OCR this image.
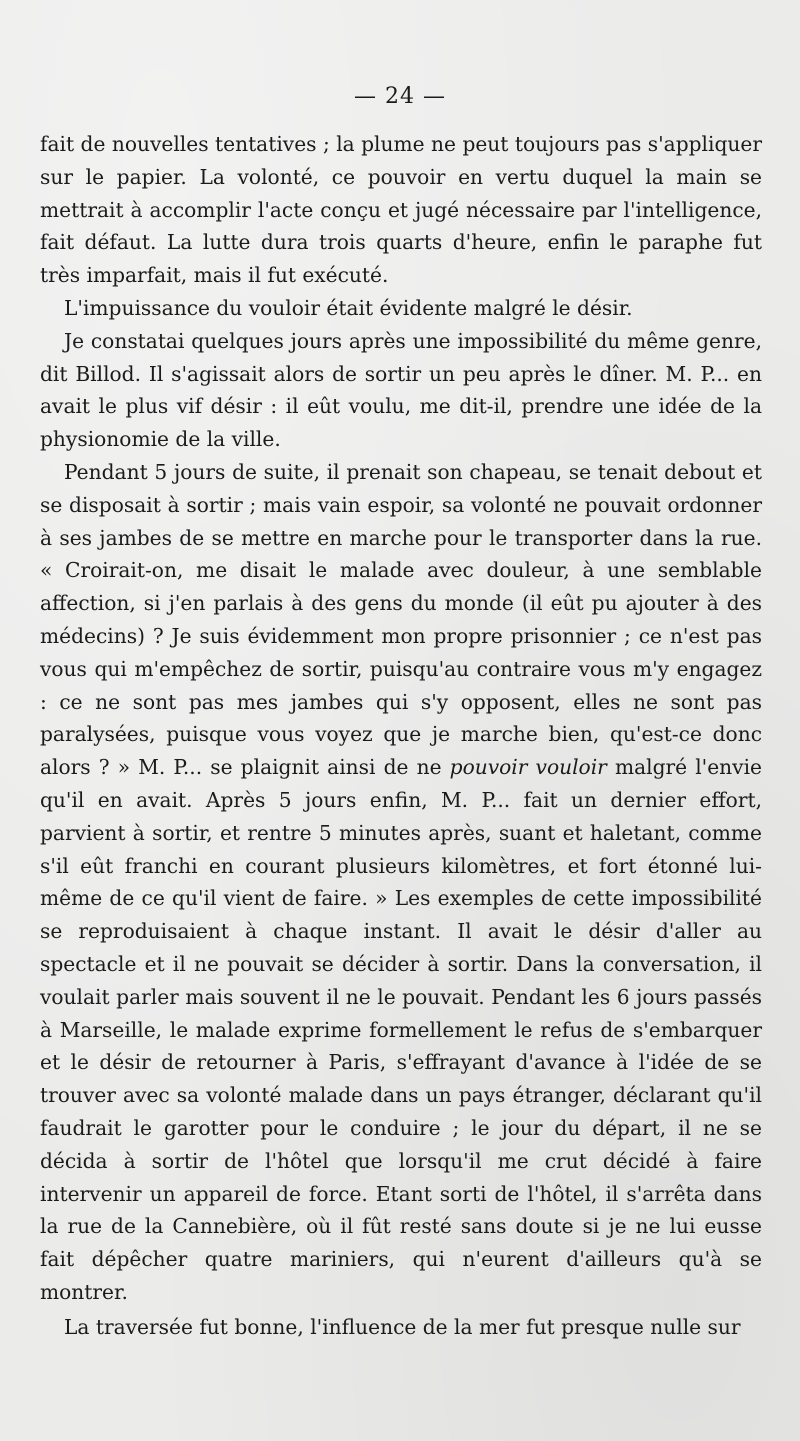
— 24 —

fait de nouvelles tentatives ; la plume ne peut toujours pas s'appliquer sur le papier. La volonté, ce pouvoir en vertu duquel la main se mettrait à accomplir l'acte conçu et jugé nécessaire par l'intelligence, fait défaut. La lutte dura trois quarts d'heure, enfin le paraphe fut très imparfait, mais il fut exécuté.

L'impuissance du vouloir était évidente malgré le désir.

Je constatai quelques jours après une impossibilité du même genre, dit Billod. Il s'agissait alors de sortir un peu après le dîner. M. P... en avait le plus vif désir : il eût voulu, me dit-il, prendre une idée de la physionomie de la ville.

Pendant 5 jours de suite, il prenait son chapeau, se tenait debout et se disposait à sortir ; mais vain espoir, sa volonté ne pouvait ordonner à ses jambes de se mettre en marche pour le transporter dans la rue. « Croirait-on, me disait le malade avec douleur, à une semblable affection, si j'en parlais à des gens du monde (il eût pu ajouter à des médecins) ? Je suis évidemment mon propre prisonnier ; ce n'est pas vous qui m'empêchez de sortir, puisqu'au contraire vous m'y engagez : ce ne sont pas mes jambes qui s'y opposent, elles ne sont pas paralysées, puisque vous voyez que je marche bien, qu'est-ce donc alors ? » M. P... se plaignit ainsi de ne pouvoir vouloir malgré l'envie qu'il en avait. Après 5 jours enfin, M. P... fait un dernier effort, parvient à sortir, et rentre 5 minutes après, suant et haletant, comme s'il eût franchi en courant plusieurs kilomètres, et fort étonné lui-même de ce qu'il vient de faire. » Les exemples de cette impossibilité se reproduisaient à chaque instant. Il avait le désir d'aller au spectacle et il ne pouvait se décider à sortir. Dans la conversation, il voulait parler mais souvent il ne le pouvait. Pendant les 6 jours passés à Marseille, le malade exprime formellement le refus de s'embarquer et le désir de retourner à Paris, s'effrayant d'avance à l'idée de se trouver avec sa volonté malade dans un pays étranger, déclarant qu'il faudrait le garotter pour le conduire ; le jour du départ, il ne se décida à sortir de l'hôtel que lorsqu'il me crut décidé à faire intervenir un appareil de force. Etant sorti de l'hôtel, il s'arrêta dans la rue de la Cannebière, où il fût resté sans doute si je ne lui eusse fait dépêcher quatre mariniers, qui n'eurent d'ailleurs qu'à se montrer.

La traversée fut bonne, l'influence de la mer fut presque nulle sur
